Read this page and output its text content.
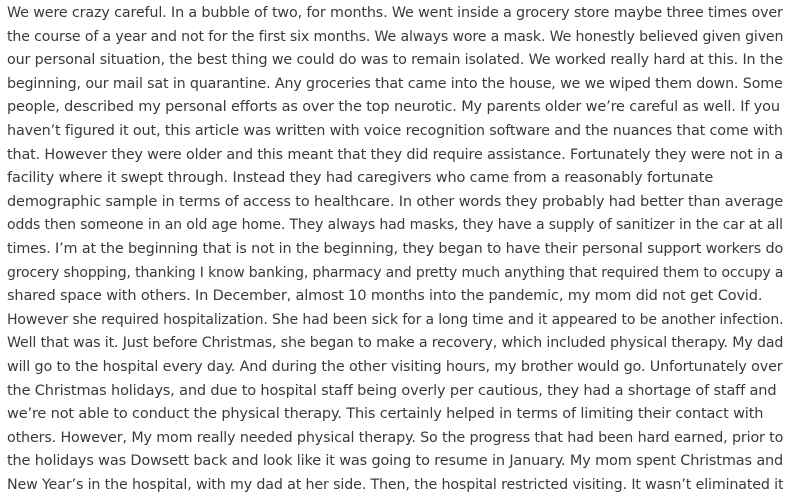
We were crazy careful. In a bubble of two, for months. We went inside a grocery store maybe three times over
the course of a year and not for the first six months. We always wore a mask. We honestly believed given given
our personal situation, the best thing we could do was to remain isolated. We worked really hard at this. In the
beginning, our mail sat in quarantine. Any groceries that came into the house, we we wiped them down. Some
people, described my personal efforts as over the top neurotic. My parents older we’re careful as well. If you
haven’t figured it out, this article was written with voice recognition software and the nuances that come with
that. However they were older and this meant that they did require assistance. Fortunately they were not in a
facility where it swept through. Instead they had caregivers who came from a reasonably fortunate
demographic sample in terms of access to healthcare. In other words they probably had better than average
odds then someone in an old age home. They always had masks, they have a supply of sanitizer in the car at all
times. I’m at the beginning that is not in the beginning, they began to have their personal support workers do
grocery shopping, thanking I know banking, pharmacy and pretty much anything that required them to occupy a
shared space with others. In December, almost 10 months into the pandemic, my mom did not get Covid.
However she required hospitalization. She had been sick for a long time and it appeared to be another infection.
Well that was it. Just before Christmas, she began to make a recovery, which included physical therapy. My dad
will go to the hospital every day. And during the other visiting hours, my brother would go. Unfortunately over
the Christmas holidays, and due to hospital staff being overly per cautious, they had a shortage of staff and
we’re not able to conduct the physical therapy. This certainly helped in terms of limiting their contact with
others. However, My mom really needed physical therapy. So the progress that had been hard earned, prior to
the holidays was Dowsett back and look like it was going to resume in January. My mom spent Christmas and
New Year’s in the hospital, with my dad at her side. Then, the hospital restricted visiting. It wasn’t eliminated it
